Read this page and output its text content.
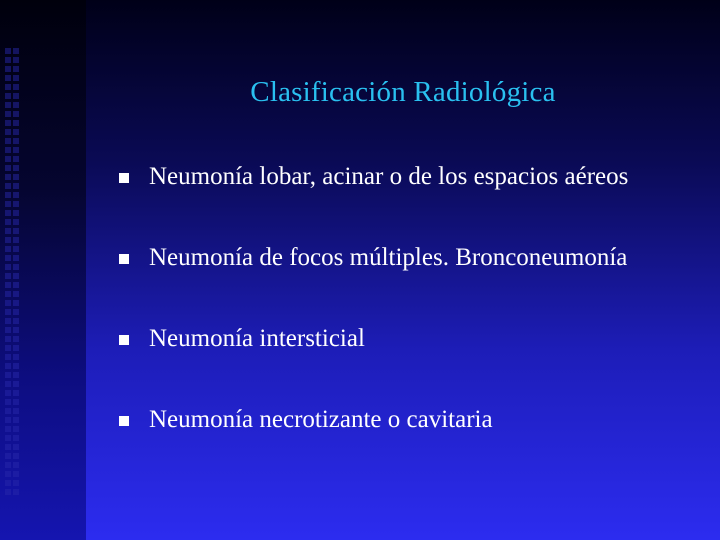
Clasificación Radiológica
Neumonía lobar, acinar o de los espacios aéreos
Neumonía de focos múltiples. Bronconeumonía
Neumonía intersticial
Neumonía necrotizante o cavitaria
